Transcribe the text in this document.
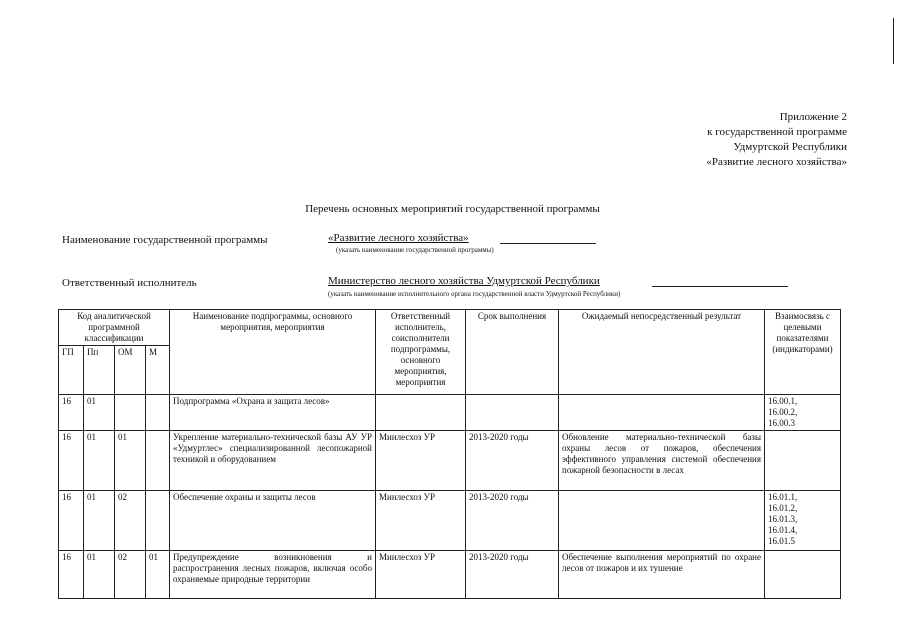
Приложение 2
к государственной программе
Удмуртской Республики
«Развитие лесного хозяйства»
Перечень основных мероприятий государственной программы
Наименование государственной программы	«Развитие лесного хозяйства»
(указать наименование государственной программы)
Ответственный исполнитель	Министерство лесного хозяйства Удмуртской Республики
(указать наименование исполнительного органа государственной власти Удмуртской Республики)
Код аналитической программной классификации				Наименование подпрограммы, основного мероприятия, мероприятия	Ответственный исполнитель, соисполнители подпрограммы, основного мероприятия, мероприятия	Срок выполнения	Ожидаемый непосредственный результат	Взаимосвязь с целевыми показателями (индикаторами)
ГП	Пп	ОМ	М					
16	01			Подпрограмма «Охрана и защита лесов»				16.00.1,
16.00.2,
16.00.3

16	01	01		Укрепление материально-технической базы АУ УР «Удмуртлес» специализированной лесопожарной техникой и оборудованием	Минлесхоз УР	2013-2020 годы	Обновление материально-технической базы охраны лесов от пожаров, обеспечения эффективного управления системой обеспечения пожарной безопасности в лесах	
16	01	02		Обеспечение охраны и защиты лесов	Минлесхоз УР	2013-2020 годы		16.01.1,
16.01.2,
16.01.3,
16.01.4,
16.01.5

16	01	02	01	Предупреждение возникновения и распространения лесных пожаров, включая особо охраняемые природные территории	Минлесхоз УР	2013-2020 годы	Обеспечение выполнения мероприятий по охране лесов от пожаров и их тушение	
